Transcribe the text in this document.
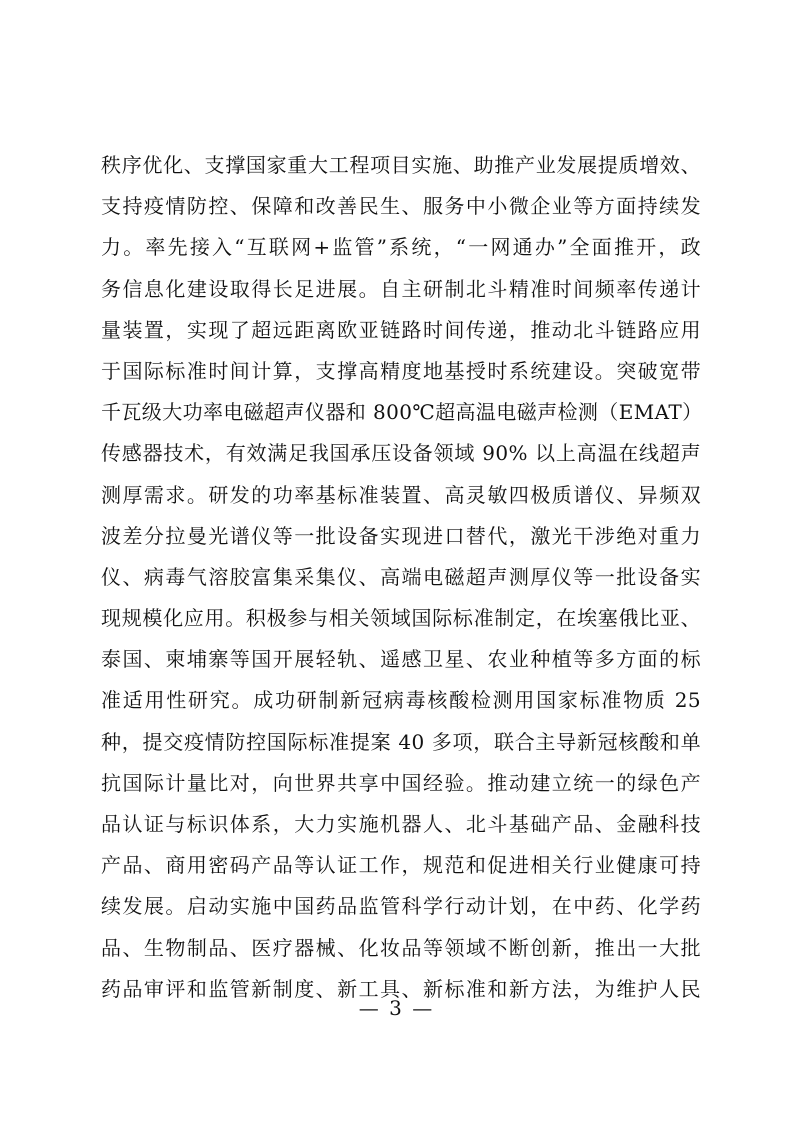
秩序优化、支撑国家重大工程项目实施、助推产业发展提质增效、
支持疫情防控、保障和改善民生、服务中小微企业等方面持续发
力。率先接入“互联网+监管”系统，“一网通办”全面推开，政
务信息化建设取得长足进展。自主研制北斗精准时间频率传递计
量装置，实现了超远距离欧亚链路时间传递，推动北斗链路应用
于国际标准时间计算，支撑高精度地基授时系统建设。突破宽带
千瓦级大功率电磁超声仪器和 800℃超高温电磁声检测（EMAT）
传感器技术，有效满足我国承压设备领域 90% 以上高温在线超声
测厚需求。研发的功率基标准装置、高灵敏四极质谱仪、异频双
波差分拉曼光谱仪等一批设备实现进口替代，激光干涉绝对重力
仪、病毒气溶胶富集采集仪、高端电磁超声测厚仪等一批设备实
现规模化应用。积极参与相关领域国际标准制定，在埃塞俄比亚、
泰国、柬埔寨等国开展轻轨、遥感卫星、农业种植等多方面的标
准适用性研究。成功研制新冠病毒核酸检测用国家标准物质 25
种，提交疫情防控国际标准提案 40 多项，联合主导新冠核酸和单
抗国际计量比对，向世界共享中国经验。推动建立统一的绿色产
品认证与标识体系，大力实施机器人、北斗基础产品、金融科技
产品、商用密码产品等认证工作，规范和促进相关行业健康可持
续发展。启动实施中国药品监管科学行动计划，在中药、化学药
品、生物制品、医疗器械、化妆品等领域不断创新，推出一大批
药品审评和监管新制度、新工具、新标准和新方法，为维护人民
— 3 —
